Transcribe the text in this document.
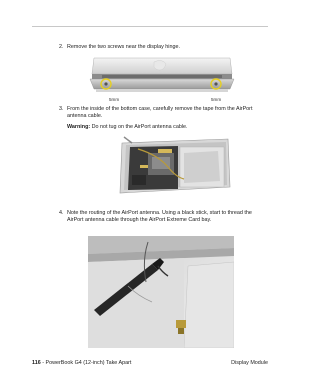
2. Remove the two screws near the display hinge.
5mm	5mm
3. From the inside of the bottom case, carefully remove the tape from the AirPort antenna cable.
Warning: Do not tug on the AirPort antenna cable.
4. Note the routing of the AirPort antenna. Using a black stick, start to thread the AirPort antenna cable through the AirPort Extreme Card bay.
116 - PowerBook G4 (12-inch) Take Apart	Display Module
